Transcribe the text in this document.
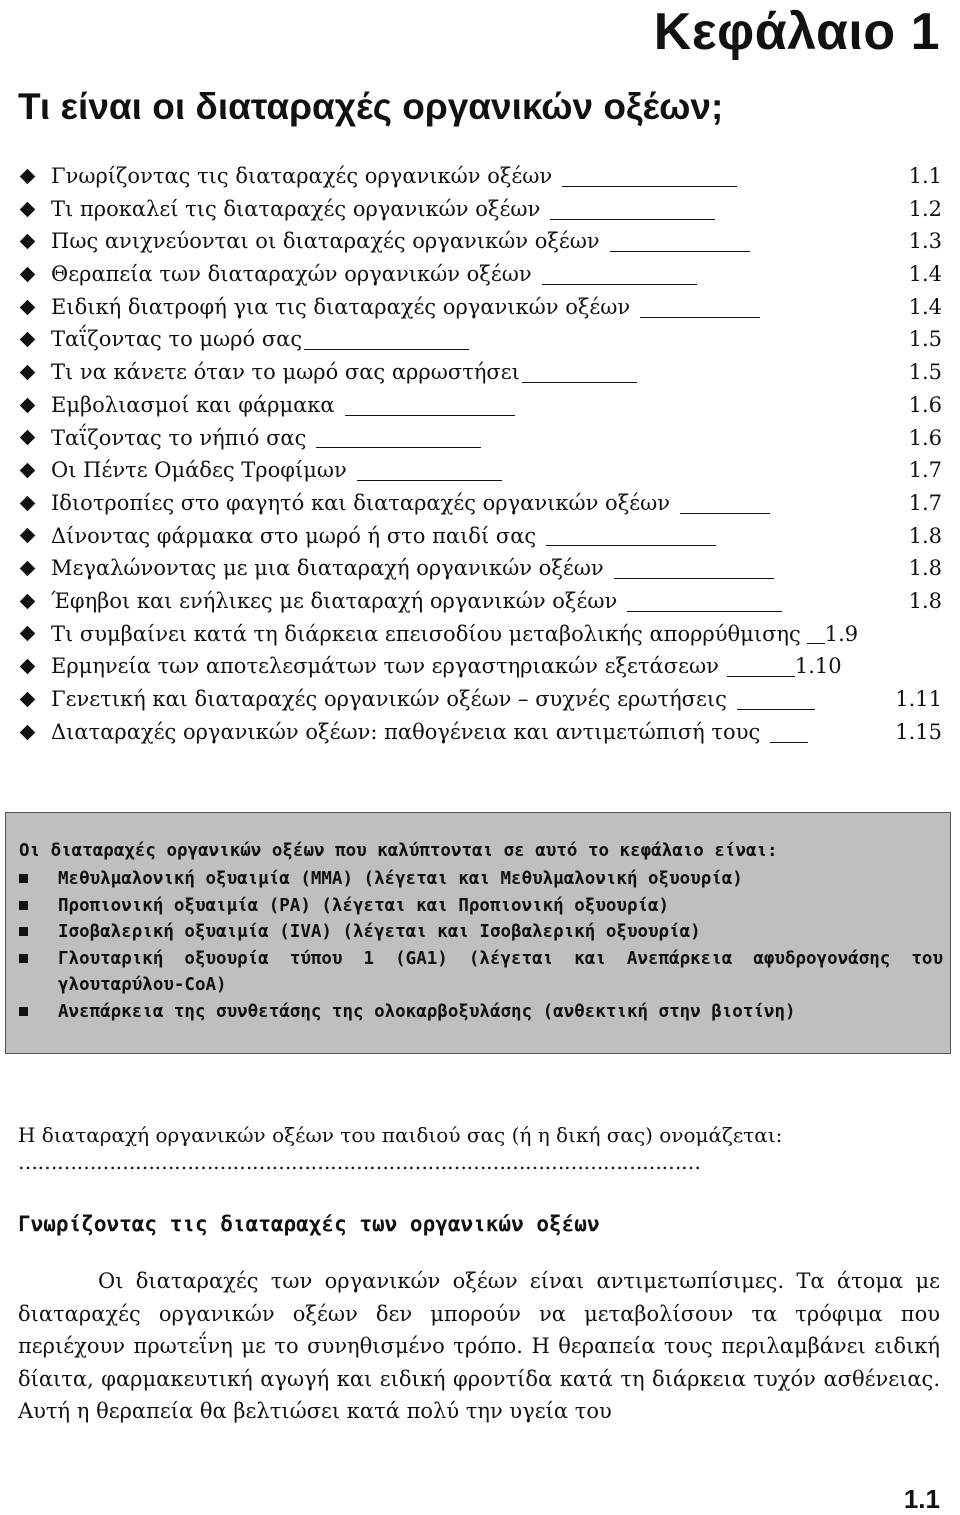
Κεφάλαιο 1
Τι είναι οι διαταραχές οργανικών οξέων;
Γνωρίζοντας τις διαταραχές οργανικών οξέων	1.1
Τι προκαλεί τις διαταραχές οργανικών οξέων	1.2
Πως ανιχνεύονται οι διαταραχές οργανικών οξέων	1.3
Θεραπεία των διαταραχών οργανικών οξέων	1.4
Ειδική διατροφή για τις διαταραχές οργανικών οξέων	1.4
Ταΐζοντας το μωρό σας	1.5
Τι να κάνετε όταν το μωρό σας αρρωστήσει	1.5
Εμβολιασμοί και φάρμακα	1.6
Ταΐζοντας το νήπιό σας	1.6
Οι Πέντε Ομάδες Τροφίμων	1.7
Ιδιοτροπίες στο φαγητό και διαταραχές οργανικών οξέων	1.7
Δίνοντας φάρμακα στο μωρό ή στο παιδί σας	1.8
Μεγαλώνοντας με μια διαταραχή οργανικών οξέων	1.8
Έφηβοι και ενήλικες με διαταραχή οργανικών οξέων	1.8
Τι συμβαίνει κατά τη διάρκεια επεισοδίου μεταβολικής απορρύθμισης 1.9
Ερμηνεία των αποτελεσμάτων των εργαστηριακών εξετάσεων	1.10
Γενετική και διαταραχές οργανικών οξέων – συχνές ερωτήσεις	1.11
Διαταραχές οργανικών οξέων: παθογένεια και αντιμετώπισή τους	1.15
Οι διαταραχές οργανικών οξέων που καλύπτονται σε αυτό το κεφάλαιο είναι:
Μεθυλμαλονική οξυαιμία (MMA) (λέγεται και Μεθυλμαλονική οξυουρία)
Προπιονική οξυαιμία (PA) (λέγεται και Προπιονική οξυουρία)
Ισοβαλερική οξυαιμία (IVA) (λέγεται και Ισοβαλερική οξυουρία)
Γλουταρική οξυουρία τύπου 1 (GA1) (λέγεται και Ανεπάρκεια αφυδρογονάσης του γλουταρύλου-CoA)
Ανεπάρκεια της συνθετάσης της ολοκαρβοξυλάσης (ανθεκτική στην βιοτίνη)
Η διαταραχή οργανικών οξέων του παιδιού σας (ή η δική σας) ονομάζεται:
……………………………………………………………………………………………
Γνωρίζοντας τις διαταραχές των οργανικών οξέων
Οι διαταραχές των οργανικών οξέων είναι αντιμετωπίσιμες. Τα άτομα με διαταραχές οργανικών οξέων δεν μπορούν να μεταβολίσουν τα τρόφιμα που περιέχουν πρωτεΐνη με το συνηθισμένο τρόπο. Η θεραπεία τους περιλαμβάνει ειδική δίαιτα, φαρμακευτική αγωγή και ειδική φροντίδα κατά τη διάρκεια τυχόν ασθένειας. Αυτή η θεραπεία θα βελτιώσει κατά πολύ την υγεία του
1.1
